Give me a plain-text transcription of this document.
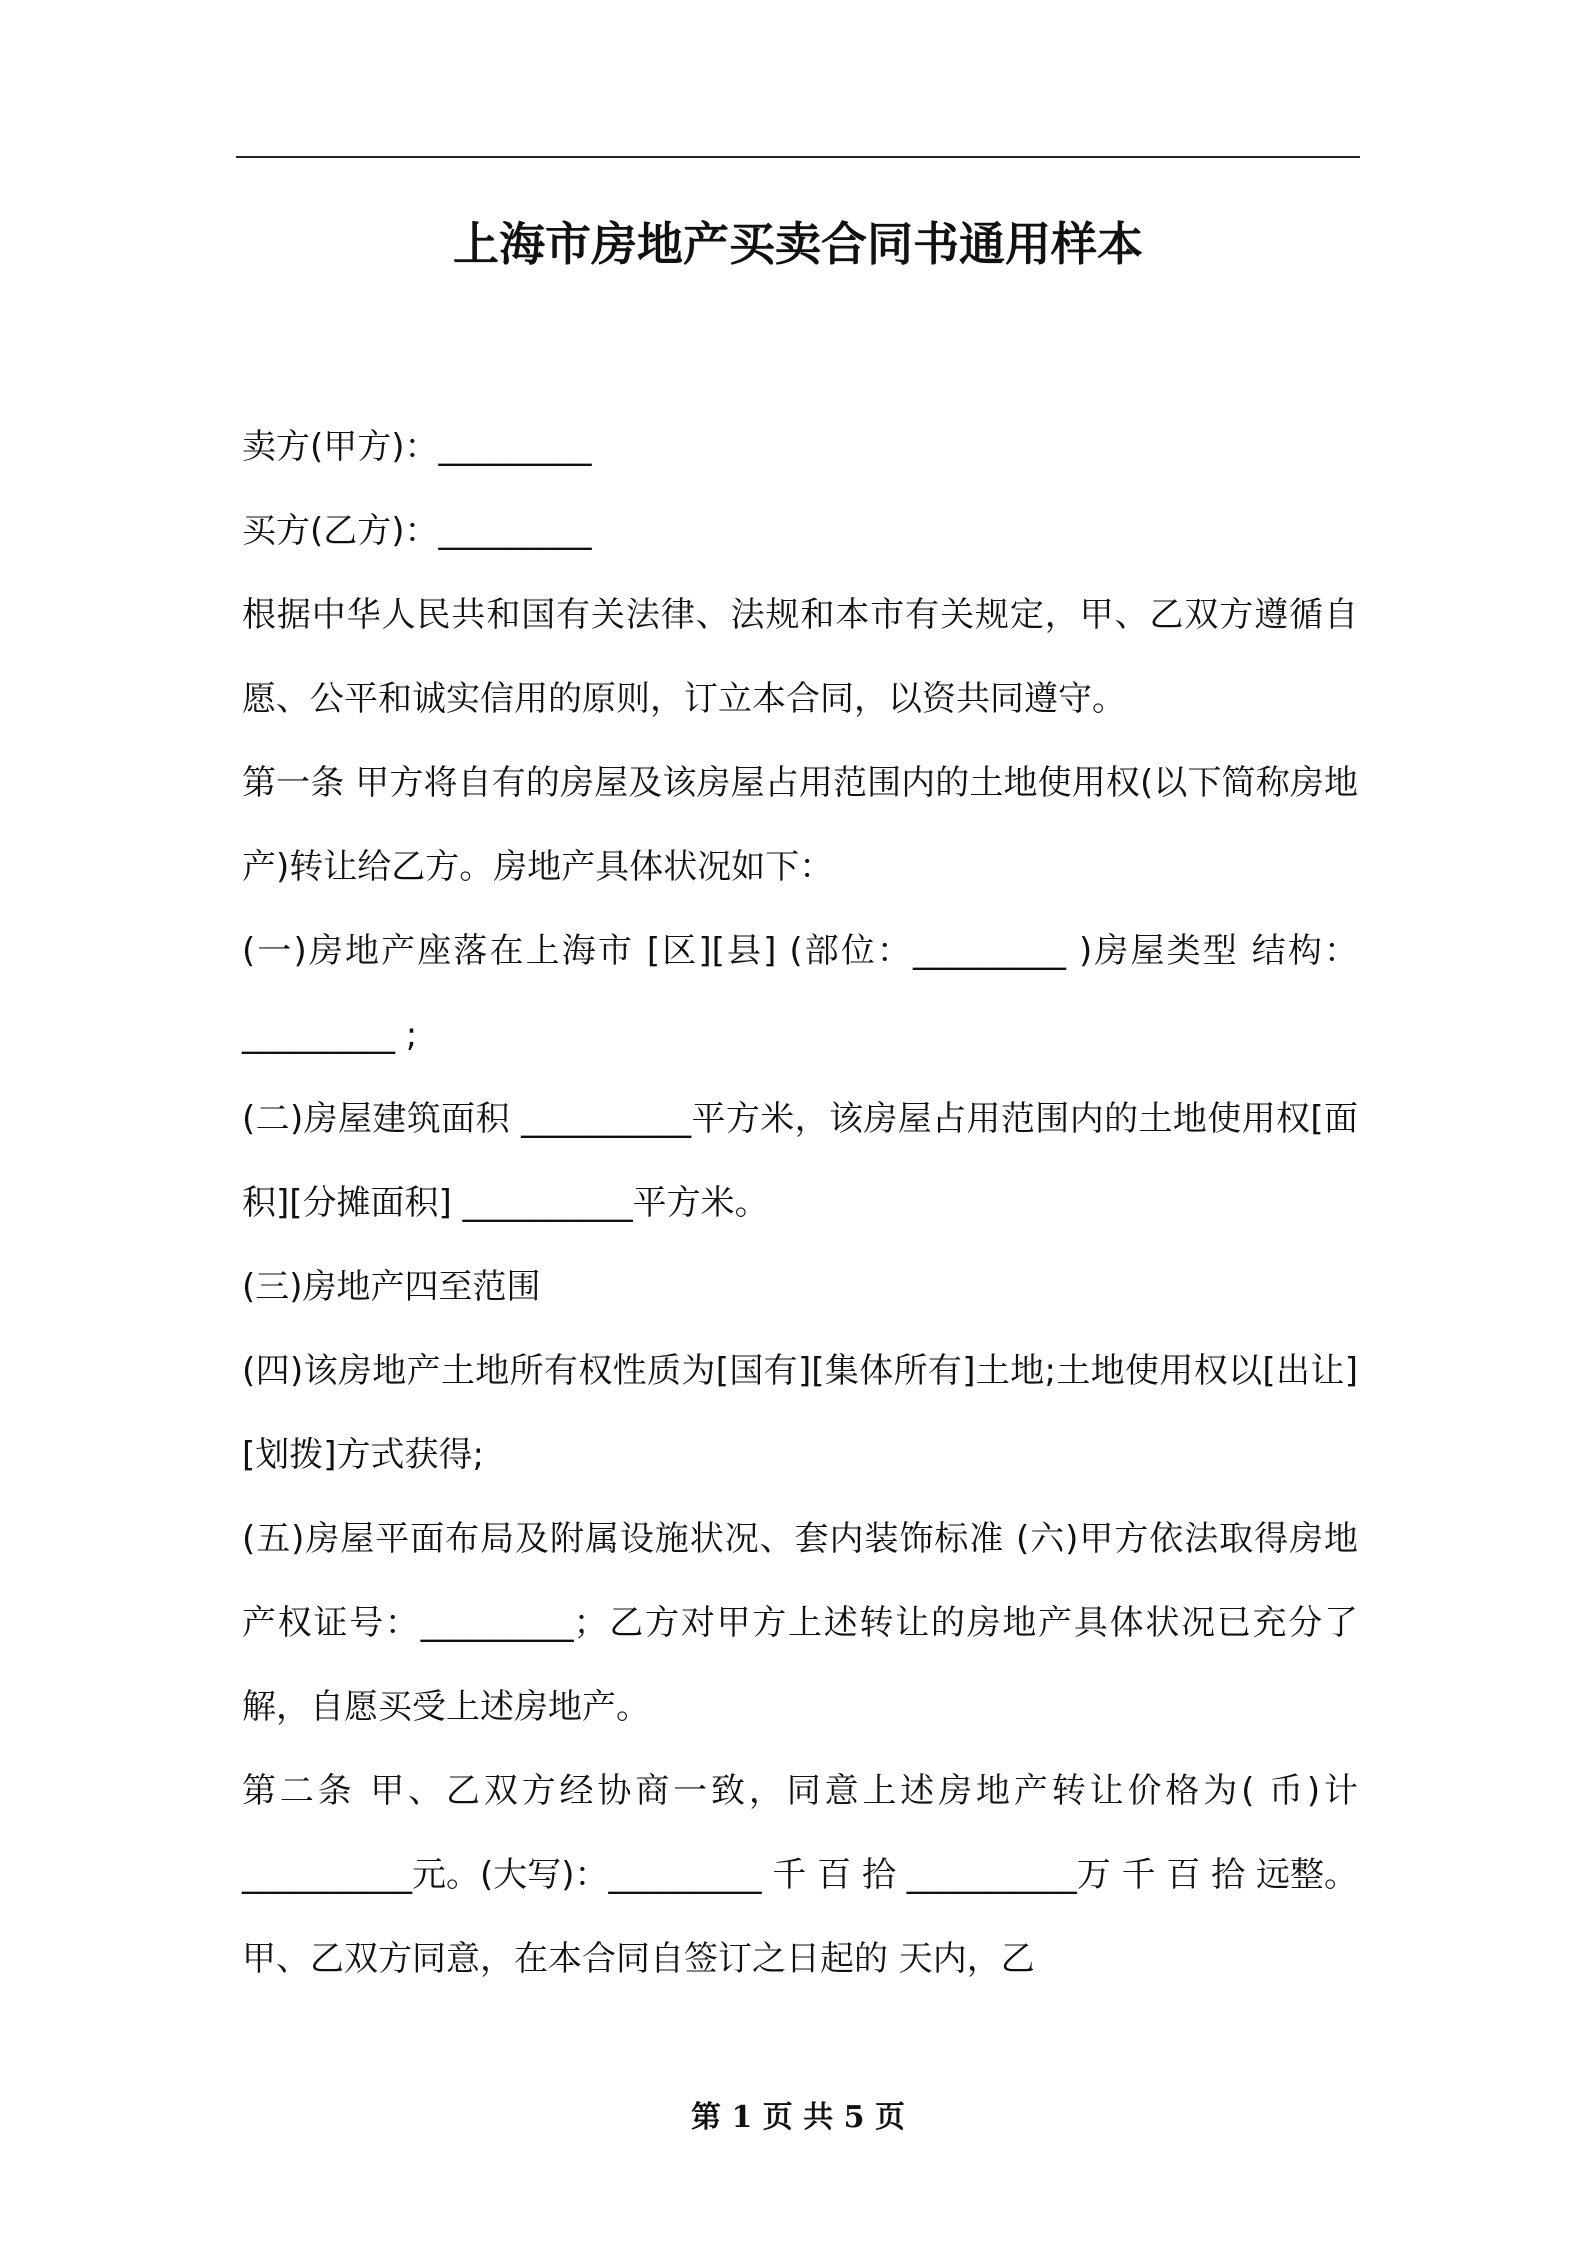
上海市房地产买卖合同书通用样本

卖方(甲方)：_________

买方(乙方)：_________

根据中华人民共和国有关法律、法规和本市有关规定，甲、乙双方遵循自愿、公平和诚实信用的原则，订立本合同，以资共同遵守。

第一条 甲方将自有的房屋及该房屋占用范围内的土地使用权(以下简称房地产)转让给乙方。房地产具体状况如下：

(一)房地产座落在上海市 [区][县] (部位：_________ )房屋类型 结构：_________ ;

(二)房屋建筑面积 __________平方米，该房屋占用范围内的土地使用权[面积][分摊面积] __________平方米。

(三)房地产四至范围

(四)该房地产土地所有权性质为[国有][集体所有]土地;土地使用权以[出让][划拨]方式获得;

(五)房屋平面布局及附属设施状况、套内装饰标准 (六)甲方依法取得房地产权证号：_________；乙方对甲方上述转让的房地产具体状况已充分了解，自愿买受上述房地产。

第二条 甲、乙双方经协商一致，同意上述房地产转让价格为( 币)计__________元。(大写)：_________ 千 百 拾 __________万 千 百 拾 远整。 甲、乙双方同意，在本合同自签订之日起的 天内，乙

第 1 页 共 5 页
